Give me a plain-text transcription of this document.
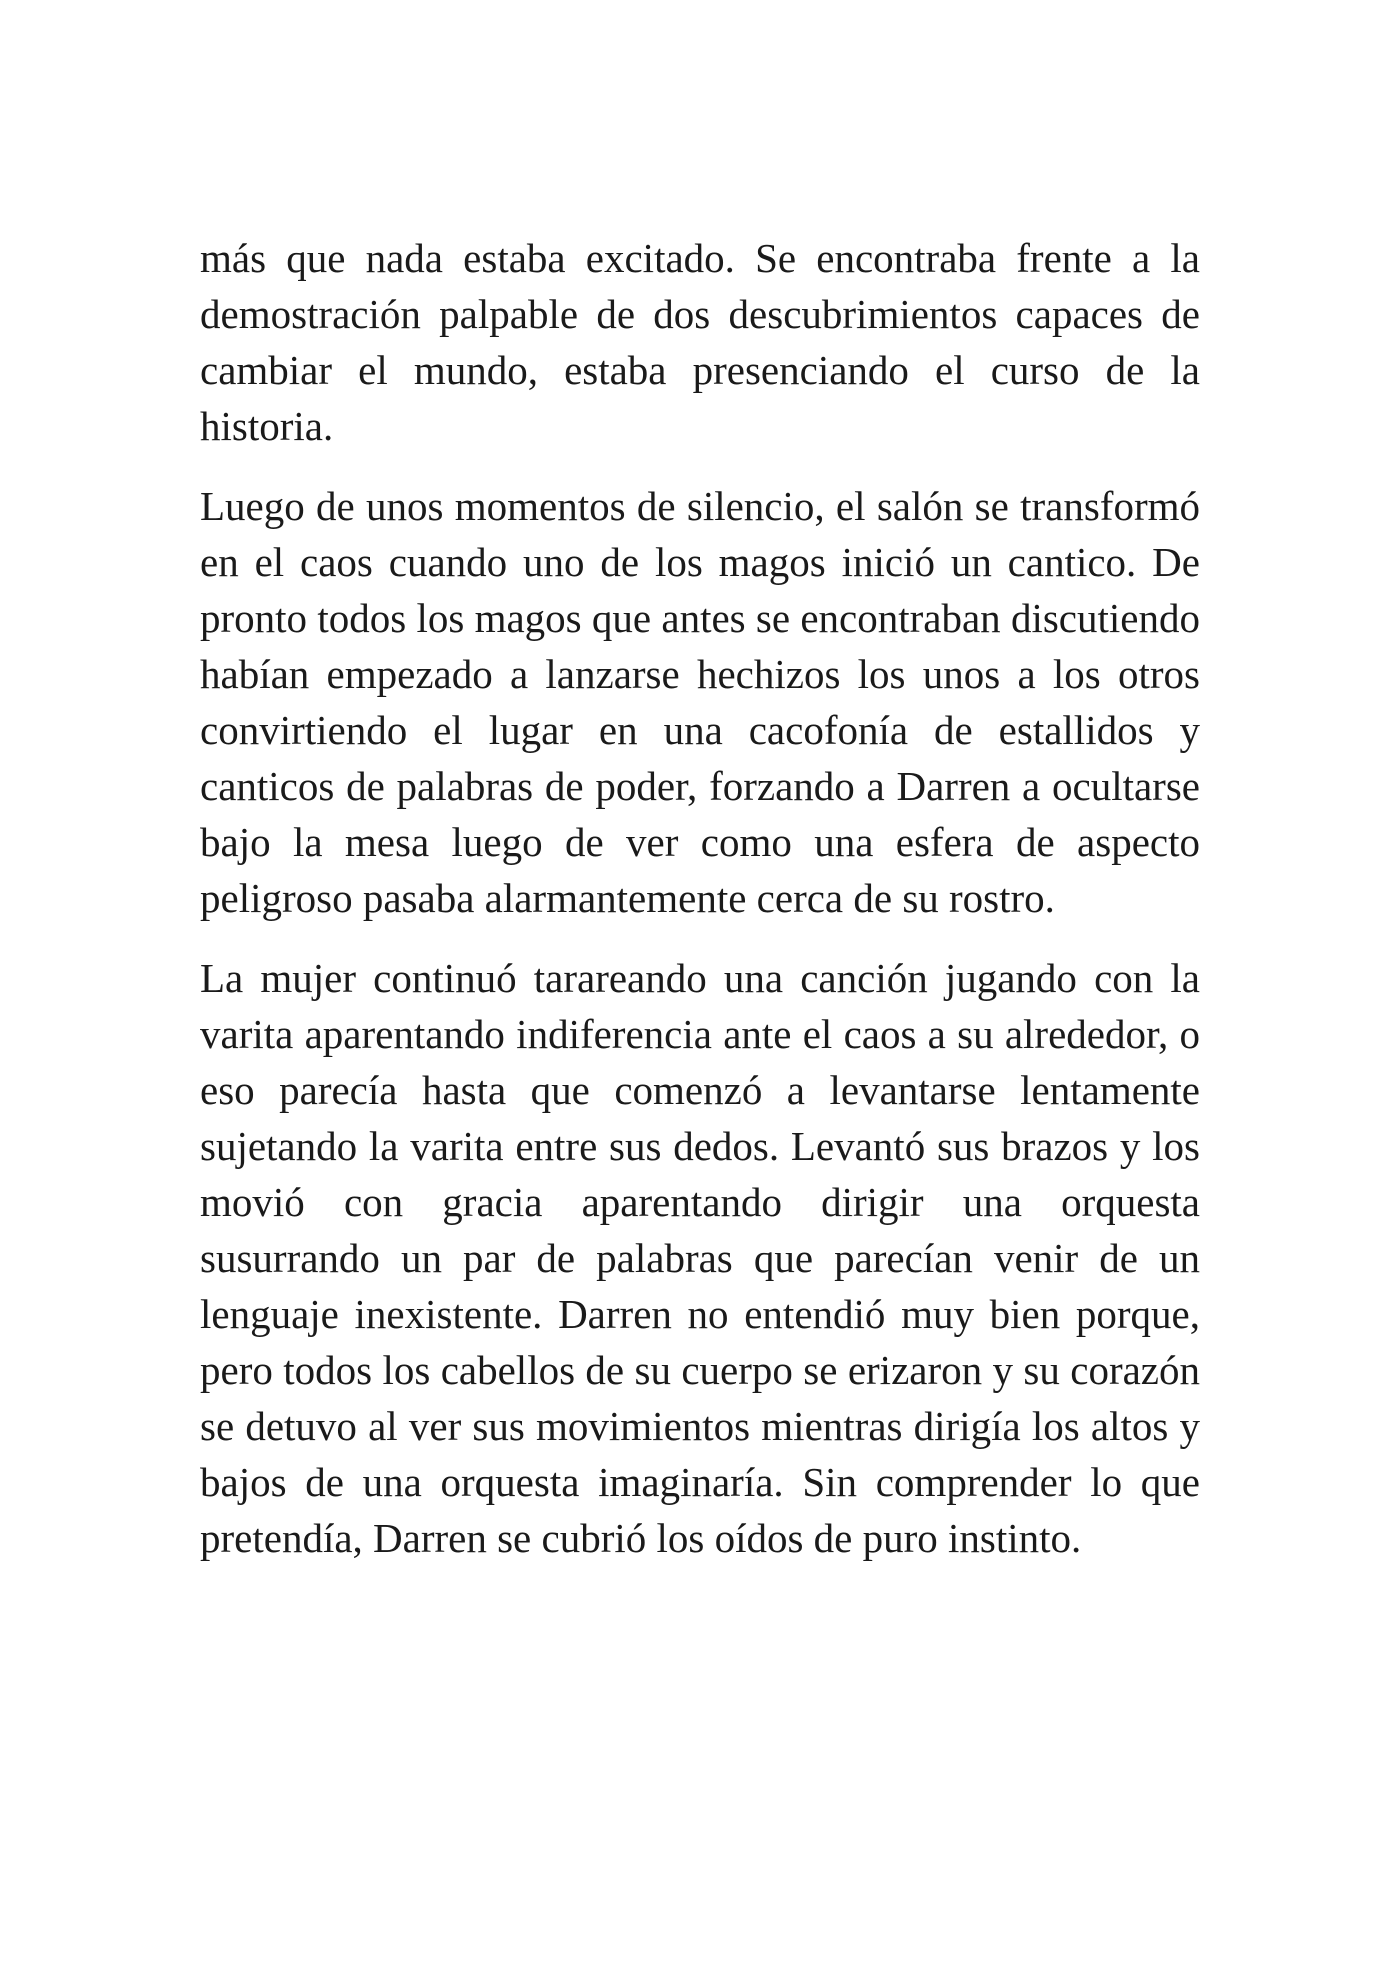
más que nada estaba excitado. Se encontraba frente a la demostración palpable de dos descubrimientos capaces de cambiar el mundo, estaba presenciando el curso de la historia.

Luego de unos momentos de silencio, el salón se transformó en el caos cuando uno de los magos inició un cantico. De pronto todos los magos que antes se encontraban discutiendo habían empezado a lanzarse hechizos los unos a los otros convirtiendo el lugar en una cacofonía de estallidos y canticos de palabras de poder, forzando a Darren a ocultarse bajo la mesa luego de ver como una esfera de aspecto peligroso pasaba alarmantemente cerca de su rostro.

La mujer continuó tarareando una canción jugando con la varita aparentando indiferencia ante el caos a su alrededor, o eso parecía hasta que comenzó a levantarse lentamente sujetando la varita entre sus dedos. Levantó sus brazos y los movió con gracia aparentando dirigir una orquesta susurrando un par de palabras que parecían venir de un lenguaje inexistente. Darren no entendió muy bien porque, pero todos los cabellos de su cuerpo se erizaron y su corazón se detuvo al ver sus movimientos mientras dirigía los altos y bajos de una orquesta imaginaría. Sin comprender lo que pretendía, Darren se cubrió los oídos de puro instinto.
